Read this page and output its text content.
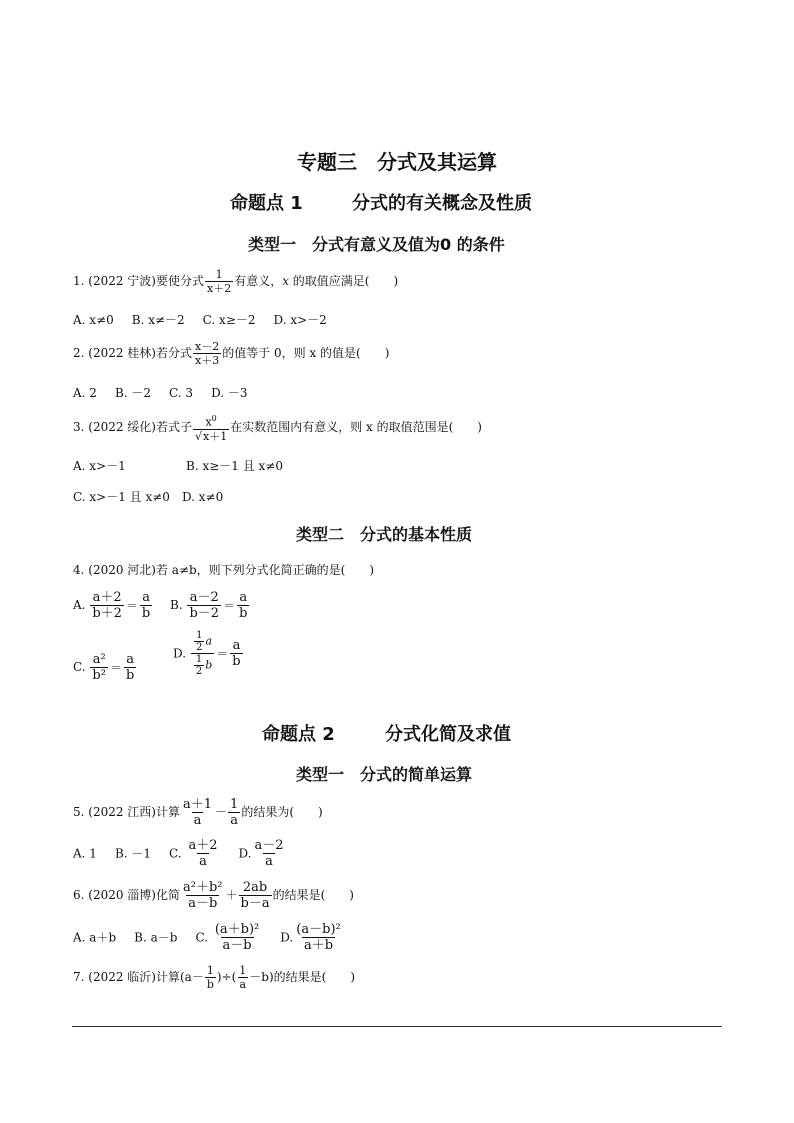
专题三　分式及其运算
命题点 1	分式的有关概念及性质
类型一　分式有意义及值为0 的条件
1. (2022 宁波)要使分式 $\frac{1}{x+2}$ 有意义，x 的取值应满足(　　)
A. x≠0 B. x≠－2 C. x≥－2 D. x>－2
2. (2022 桂林)若分式 $\frac{x-2}{x+3}$ 的值等于 0，则 x 的值是(　　)
A. 2 B. －2 C. 3 D. －3
3. (2022 绥化)若式子 $\frac{x^0}{√x+1}$ 在实数范围内有意义，则 x 的取值范围是(　　)
A. x>－1	B. x≥－1 且 x≠0
C. x>－1 且 x≠0 D. x≠0
类型二　分式的基本性质
4. (2020 河北)若 a≠b，则下列分式化简正确的是(　　)
A. $\frac{a+2}{b+2} = \frac{a}{b} B$. $\frac{a-2}{b-2} = \frac{a}{b}$
C. $\frac{\text{a²}}{\text{b²}} = \frac{a}{b}$	D. $\frac{\frac{1}{2} a}{\frac{1}{2} b} = \frac{a}{b}$
命题点 2	分式化简及求值
类型一　分式的简单运算
5. (2022 江西)计算 $\frac{a+1}{a} - \frac{1}{a}$ 的结果为(　　)
A. 1 B. －1 C. $\frac{a+2}{a} D$. $\frac{a-2}{a}$
6. (2020 淄博)化简 $\frac{\text{a²＋b²}}{a-b} + \frac{2ab}{b-a}$ 的结果是(　　)
A. a＋b B. a－b C. $\frac{\text{(a＋b)²}}{a-b} D$. $\frac{\text{(a－b)²}}{a+b}$
7. (2022 临沂)计算($a- \frac{1}{b}$ )÷( $\frac{1}{a} -b$)的结果是(　　)
